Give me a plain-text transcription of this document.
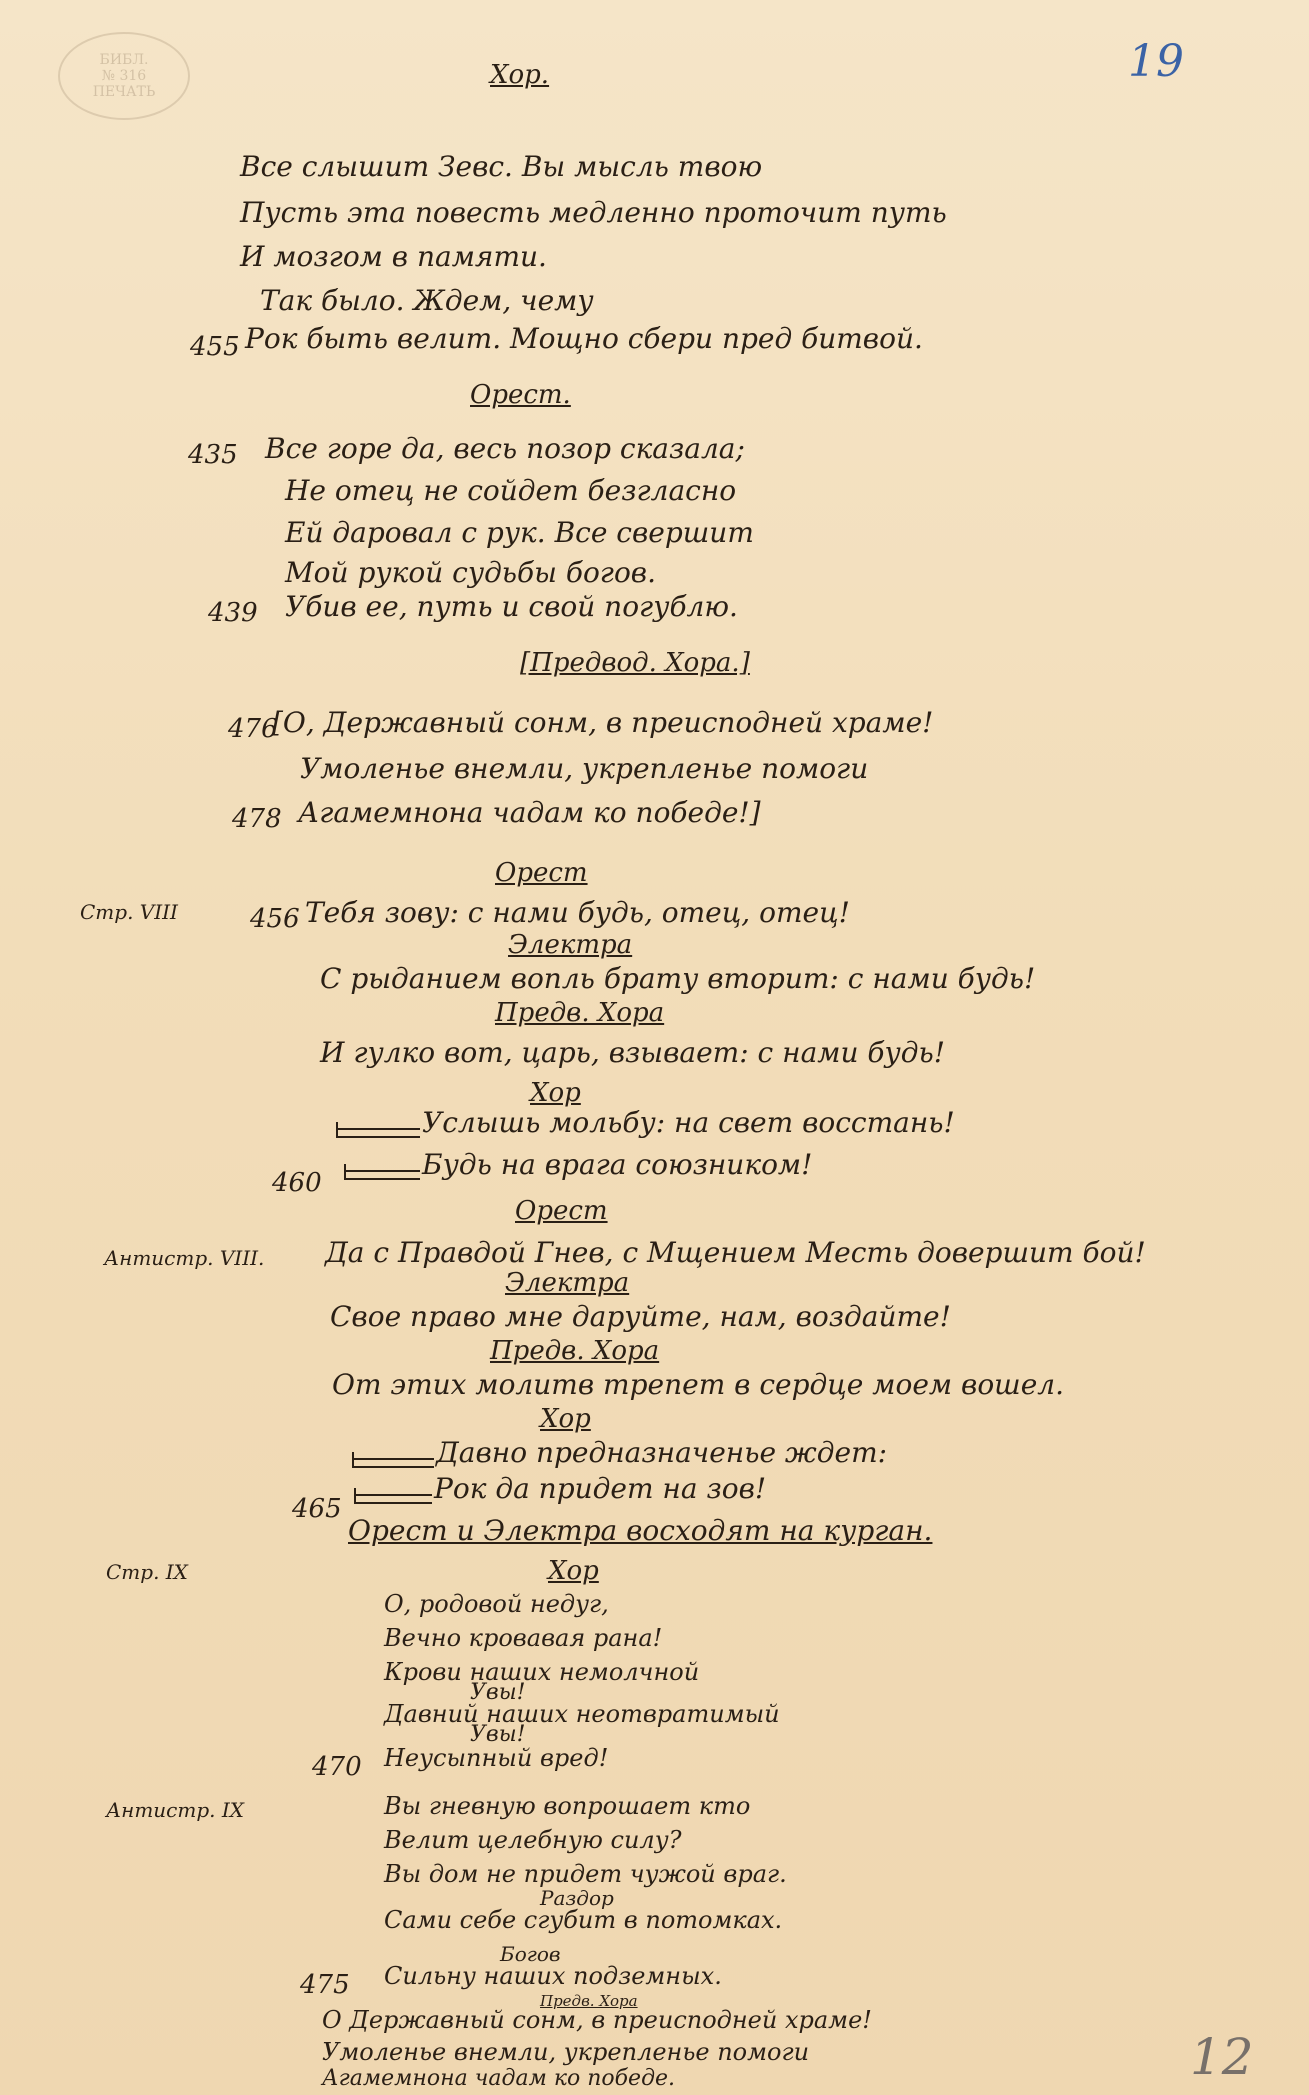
БИБЛ.
№ 316
ПЕЧАТЬ
19
12
Хор.
Все слышит Зевс. Вы мысль твою
Пусть эта повесть медленно проточит путь
И мозгом в памяти.
Так было. Ждем, чему
455 Рок быть велит. Мощно сбери пред битвой.
Орест.
435 Все горе да, весь позор сказала;
Не отец не сойдет безгласно
Ей даровал с рук. Все свершит
Мой рукой судьбы богов.
439 Убив ее, путь и свой погублю.
[Предвод. Хора.]
476
[О, Державный сонм, в преисподней храме!
Умоленье внемли, укрепленье помоги
478 Агамемнона чадам ко победе!]
Орест
Стр. VIII	456 Тебя зову: с нами будь, отец, отец!
Электра
С рыданием вопль брату вторит: с нами будь!
Предв. Хора
И гулко вот, царь, взывает: с нами будь!
Хор
Услышь мольбу: на свет восстань!
460
Будь на врага союзником!
Орест
Антистр. VIII. Да с Правдой Гнев, с Мщением Месть довершит бой!
Электра
Свое право мне даруйте, нам, воздайте!
Предв. Хора
От этих молитв трепет в сердце моем вошел.
Хор
Давно предназначенье ждет:
465
Рок да придет на зов!
Орест и Электра восходят на курган.
Хор
Стр. IX
О, родовой недуг,
Вечно кровавая рана!
Крови наших немолчной
Увы!
Давний наших неотвратимый
Увы!
470 Неусыпный вред!
Антистр. IX	Вы гневную вопрошает кто
Велит целебную силу?
Вы дом не придет чужой враг.
Раздор
Сами себе сгубит в потомках.
Богов
475 Сильну наших подземных.
Предв. Хора
О Державный сонм, в преисподней храме!
Умоленье внемли, укрепленье помоги
Агамемнона чадам ко победе.
